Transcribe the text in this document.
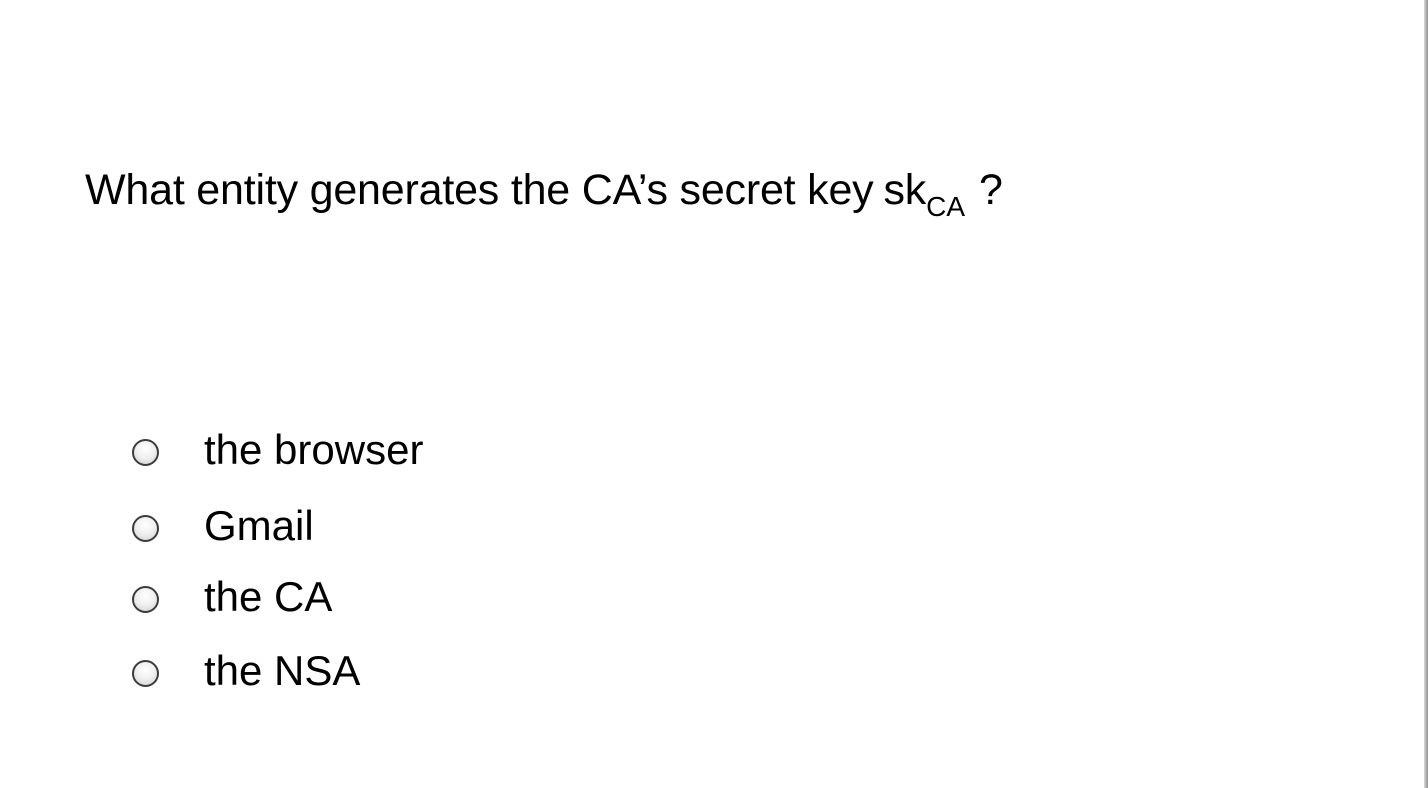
What entity generates the CA’s secret key $sk_{CA}$ ?
the browser
Gmail
the CA
the NSA
